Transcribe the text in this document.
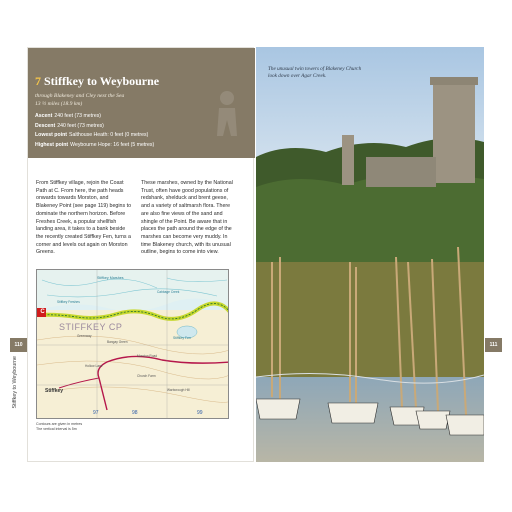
110
Stiffkey to Weybourne
7 Stiffkey to Weybourne
through Blakeney and Cley next the Sea
13 ½ miles (18.9 km)
Ascent 240 feet (73 metres)
Descent 240 feet (73 metres)
Lowest point Salthouse Heath: 0 feet (0 metres)
Highest point Weybourne Hope: 16 feet (5 metres)
From Stiffkey village, rejoin the Coast Path at C. From here, the path heads onwards towards Morston, and Blakeney Point (see page 119) begins to dominate the northern horizon. Before Freshes Creek, a popular shellfish landing area, it takes to a bank beside the recently created Stiffkey Fen, turns a corner and levels out again on Morston Greens.
These marshes, owned by the National Trust, often have good populations of redshank, shelduck and brent geese, and a variety of saltmarsh flora. There are also fine views of the sand and shingle of the Point. Be aware that in places the path around the edge of the marshes can become very muddy. In time Blakeney church, with its unusual outline, begins to come into view.
C
STIFFKEY CP
Stiffkey
Stiffkey Marshes
Stiffkey Fen
Greenway
Bangay Green
Cabbage Creek
Hollow Lane
Church Farm
Warborough Hill
Stiffkey Freshes
Morston Road
97	98	99
Contours are given in metres
The vertical interval is 5m
The unusual twin towers of Blakeney Church look down over Agar Creek.
111
